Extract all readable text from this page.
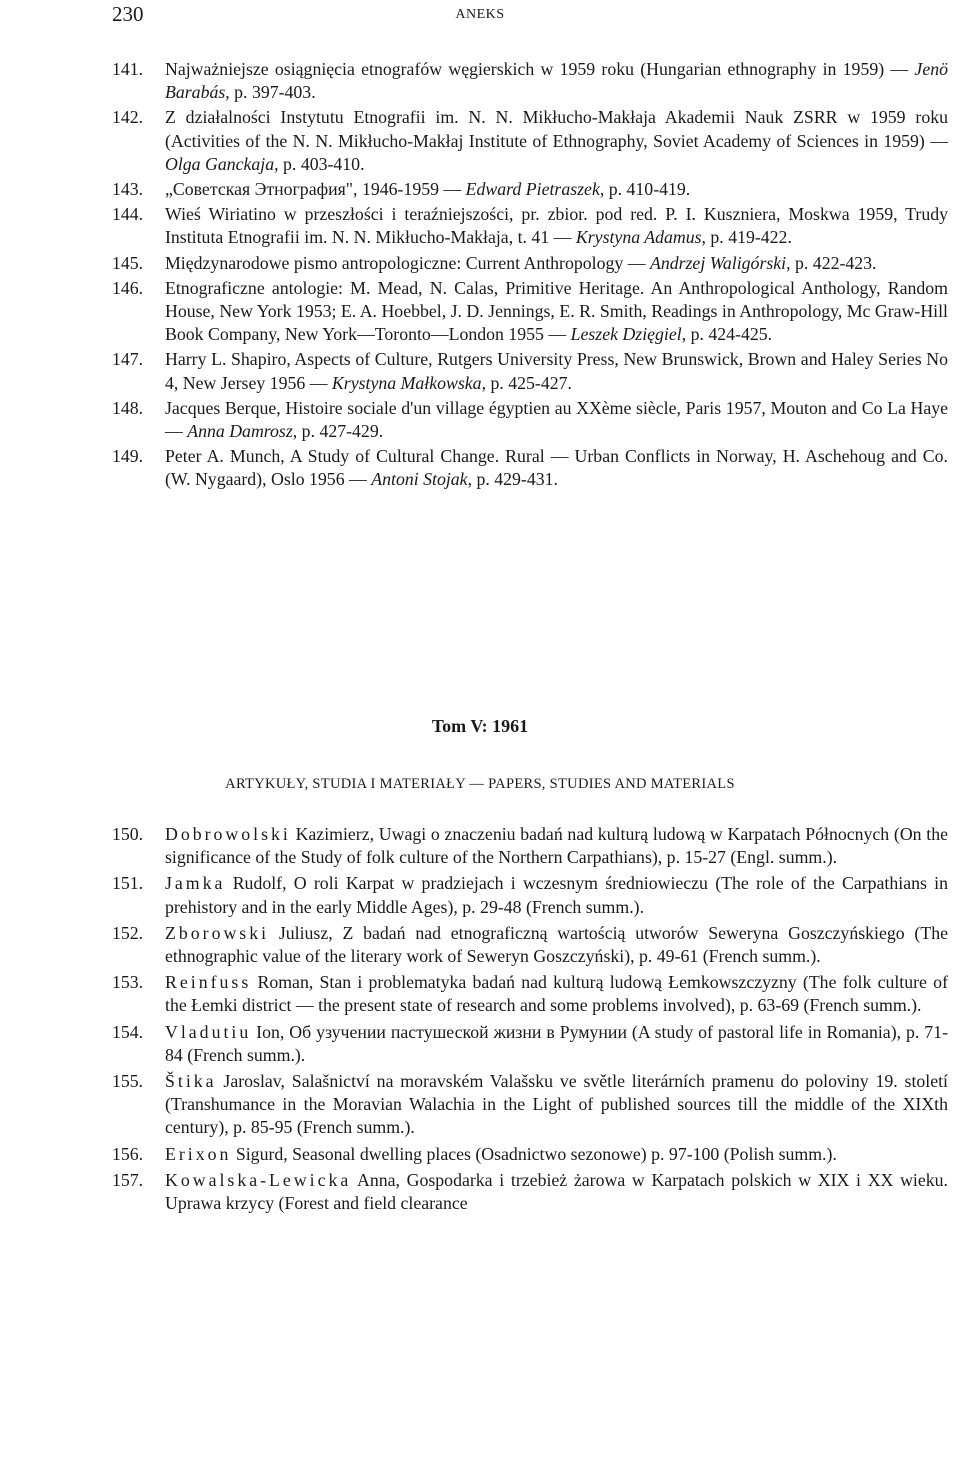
230	ANEKS
141.	Najważniejsze osiągnięcia etnografów węgierskich w 1959 roku (Hungarian ethnography in 1959) — Jenö Barabás, p. 397-403.
142.	Z działalności Instytutu Etnografii im. N. N. Mikłucho-Makłaja Akademii Nauk ZSRR w 1959 roku (Activities of the N. N. Mikłucho-Makłaj Institute of Ethnography, Soviet Academy of Sciences in 1959) — Olga Ganckaja, p. 403-410.
143.	„Советская Этнография", 1946-1959 — Edward Pietraszek, p. 410-419.
144.	Wieś Wiriatino w przeszłości i teraźniejszości, pr. zbior. pod red. P. I. Kuszniera, Moskwa 1959, Trudy Instituta Etnografii im. N. N. Mikłucho-Makłaja, t. 41 — Krystyna Adamus, p. 419-422.
145.	Międzynarodowe pismo antropologiczne: Current Anthropology — Andrzej Waligórski, p. 422-423.
146.	Etnograficzne antologie: M. Mead, N. Calas, Primitive Heritage. An Anthropological Anthology, Random House, New York 1953; E. A. Hoebbel, J. D. Jennings, E. R. Smith, Readings in Anthropology, Mc Graw-Hill Book Company, New York—Toronto—London 1955 — Leszek Dzięgiel, p. 424-425.
147.	Harry L. Shapiro, Aspects of Culture, Rutgers University Press, New Brunswick, Brown and Haley Series No 4, New Jersey 1956 — Krystyna Małkowska, p. 425-427.
148.	Jacques Berque, Histoire sociale d'un village égyptien au XXème siècle, Paris 1957, Mouton and Co La Haye — Anna Damrosz, p. 427-429.
149.	Peter A. Munch, A Study of Cultural Change. Rural — Urban Conflicts in Norway, H. Aschehoug and Co. (W. Nygaard), Oslo 1956 — Antoni Stojak, p. 429-431.
Tom V: 1961
ARTYKUŁY, STUDIA I MATERIAŁY — PAPERS, STUDIES AND MATERIALS
150.	Dobrowolski Kazimierz, Uwagi o znaczeniu badań nad kulturą ludową w Karpatach Północnych (On the significance of the Study of folk culture of the Northern Carpathians), p. 15-27 (Engl. summ.).
151.	Jamka Rudolf, O roli Karpat w pradziejach i wczesnym średniowieczu (The role of the Carpathians in prehistory and in the early Middle Ages), p. 29-48 (French summ.).
152.	Zborowski Juliusz, Z badań nad etnograficzną wartością utworów Seweryna Goszczyńskiego (The ethnographic value of the literary work of Seweryn Goszczyński), p. 49-61 (French summ.).
153.	Reinfuss Roman, Stan i problematyka badań nad kulturą ludową Łemkowszczyzny (The folk culture of the Łemki district — the present state of research and some problems involved), p. 63-69 (French summ.).
154.	Vladutiu Ion, Об узучении пастушеской жизни в Румунии (A study of pastoral life in Romania), p. 71-84 (French summ.).
155.	Štika Jaroslav, Salašnictví na moravském Valašsku ve světle literárních pramenu do poloviny 19. století (Transhumance in the Moravian Walachia in the Light of published sources till the middle of the XIXth century), p. 85-95 (French summ.).
156.	Erixon Sigurd, Seasonal dwelling places (Osadnictwo sezonowe) p. 97-100 (Polish summ.).
157.	Kowalska-Lewicka Anna, Gospodarka i trzebież żarowa w Karpatach polskich w XIX i XX wieku. Uprawa krzycy (Forest and field clearance
